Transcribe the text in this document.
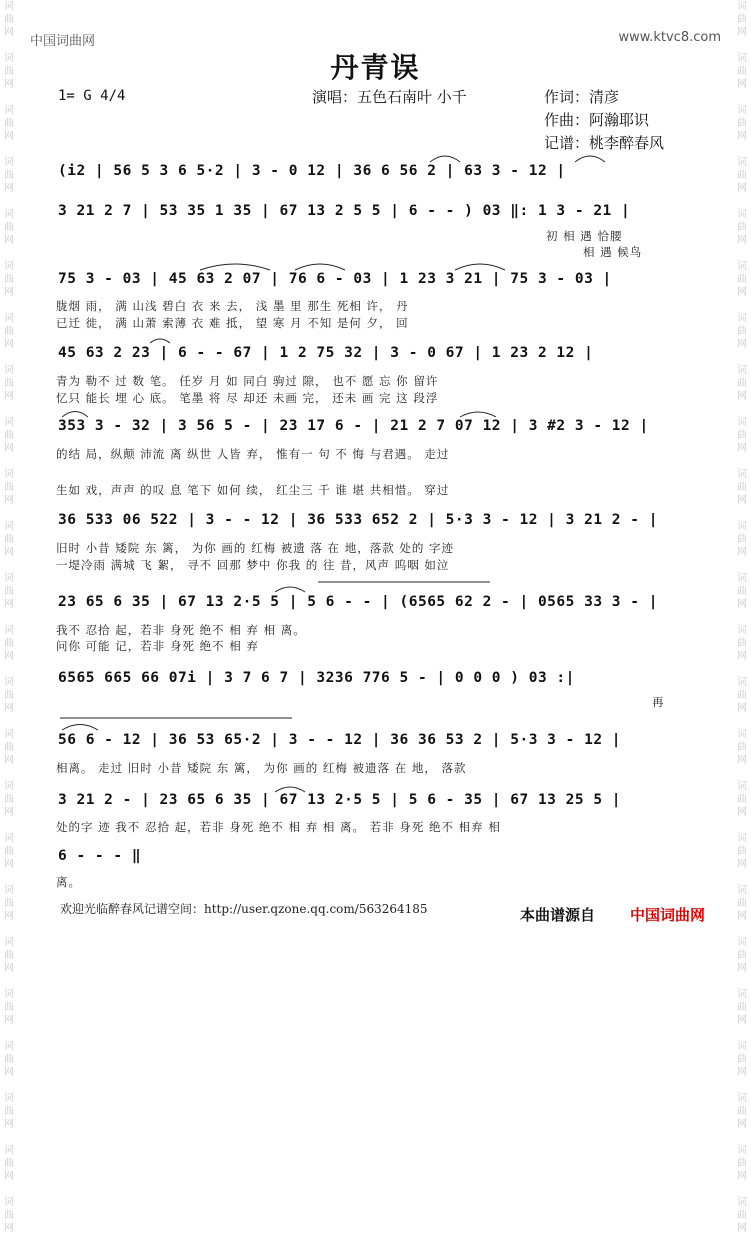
词
曲
网

词
曲
网

词
曲
网

词
曲
网

词
曲
网

词
曲
网

词
曲
网

词
曲
网

词
曲
网

词
曲
网

词
曲
网

词
曲
网

词
曲
网

词
曲
网

词
曲
网

词
曲
网

词
曲
网

词
曲
网

词
曲
网

词
曲
网

词
曲
网

词
曲
网

词
曲
网

词
曲
网

词
曲
网

词
曲
网

词
曲
网

词
曲
网

词
曲
网

词
曲
网

词
曲
网

词
曲
网

词
曲
网

词
曲
网

词
曲
网

词
曲
网

词
曲
网

词
曲
网

词
曲
网

词
曲
网

词
曲
网

词
曲
网

词
曲
网

词
曲
网

词
曲
网

词
曲
网

词
曲
网

词
曲
网

中国词曲网	www.ktvc8.com
丹青误
1= G 4/4	演唱：五色石南叶 小千	作词：清彦
作曲：阿瀚耶识
记谱：桃李醉春风
(i2 | 56 5 3 6 5·2 | 3 - 0 12 | 36 6 56 2 | 63 3 - 12 |
3 21 2 7 | 53 35 1 35 | 67 13 2 5 5 | 6 - - ) 03 ‖: 1 3 - 21 |
初 相 遇 恰腰
相 遇 候鸟
75 3 - 03 | 45 63 2 07 | 76 6 - 03 | 1 23 3 21 | 75 3 - 03 |
胧烟 雨， 满 山浅 碧白 衣 来 去， 浅 墨 里 那生 死相 许， 丹
已迁 徙， 满 山萧 索薄 衣 难 抵， 望 寒 月 不知 是何 夕， 回
45 63 2 23 | 6 - - 67 | 1 2 75 32 | 3 - 0 67 | 1 23 2 12 |
青为 勒不 过 数 笔。 任岁 月 如 同白 驹过 隙， 也不 愿 忘 你 留许
忆只 能长 埋 心 底。 笔墨 将 尽 却还 未画 完， 还未 画 完 这 段浮
353 3 - 32 | 3 56 5 - | 23 17 6 - | 21 2 7 07 12 | 3 #2 3 - 12 |
的结 局，纵颠 沛流 离 纵世 人皆 弃， 惟有一 句 不 悔 与君遇。 走过
生如 戏，声声 的叹 息 笔下 如何 续， 红尘三 千 谁 堪 共相惜。 穿过
36 533 06 522 | 3 - - 12 | 36 533 652 2 | 5·3 3 - 12 | 3 21 2 - |
旧时 小昔 矮院 东 篱， 为你 画的 红梅 被遗 落 在 地，落款 处的 字迹
一堤冷雨 满城 飞 絮， 寻不 回那 梦中 你我 的 往 昔，风声 呜咽 如泣
23 65 6 35 | 67 13 2·5 5 | 5 6 - - | (6565 62 2 - | 0565 33 3 - |
我不 忍拾 起，若非 身死 绝不 相 弃 相 离。
问你 可能 记，若非 身死 绝不 相 弃
6565 665 66 07i | 3 7 6 7 | 3236 776 5 - | 0 0 0 ) 03 :|
再
56 6 - 12 | 36 53 65·2 | 3 - - 12 | 36 36 53 2 | 5·3 3 - 12 |
相离。 走过 旧时 小昔 矮院 东 篱， 为你 画的 红梅 被遗落 在 地， 落款
3 21 2 - | 23 65 6 35 | 67 13 2·5 5 | 5 6 - 35 | 67 13 25 5 |
处的字 迹 我不 忍拾 起，若非 身死 绝不 相 弃 相 离。 若非 身死 绝不 相弃 相
6 - - - ‖
离。
欢迎光临醉春风记谱空间：http://user.qzone.qq.com/563264185	本曲谱源自 中国词曲网
